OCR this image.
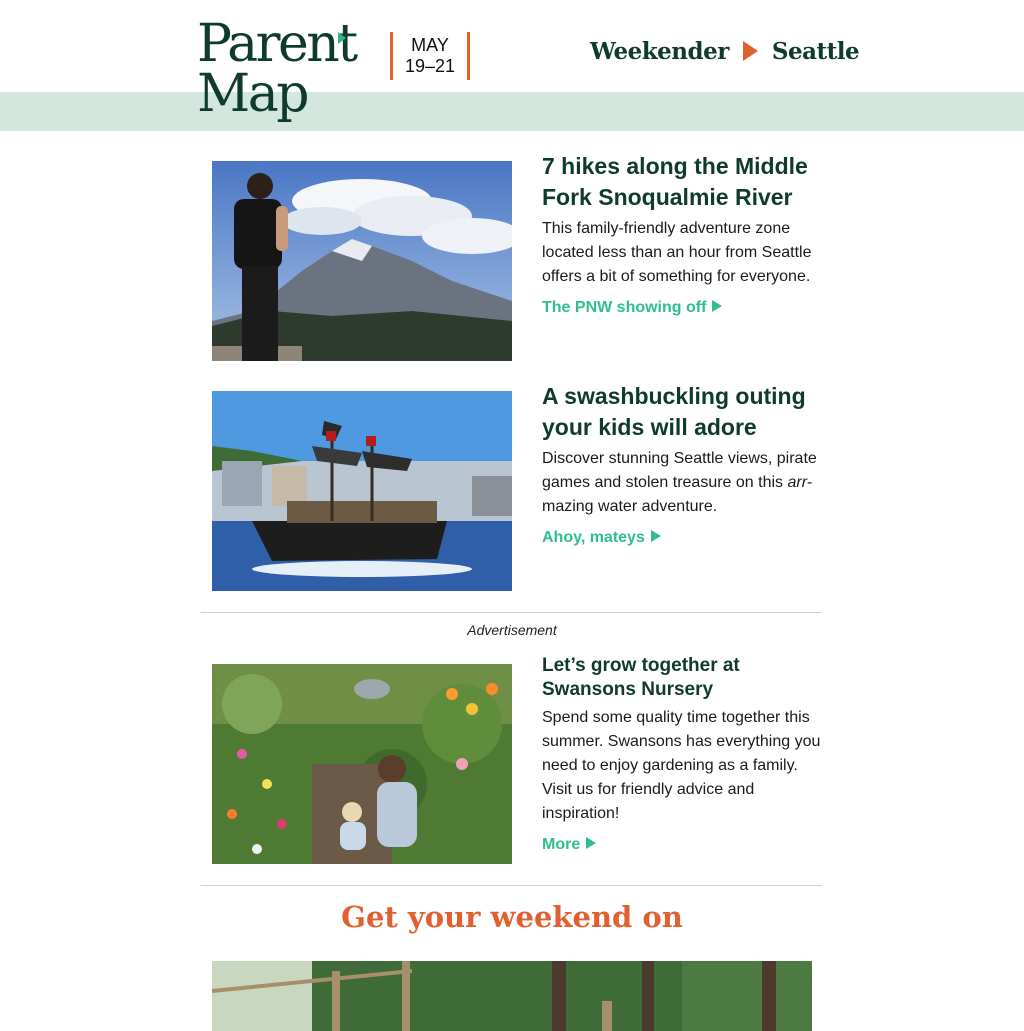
Parent
Map
MAY
19–21
Weekender Seattle
7 hikes along the Middle Fork Snoqualmie River

This family-friendly adventure zone located less than an hour from Seattle offers a bit of something for everyone.

The PNW showing off
A swashbuckling outing your kids will adore

Discover stunning Seattle views, pirate games and stolen treasure on this arr-mazing water adventure.

Ahoy, mateys
Advertisement
Let’s grow together at Swansons Nursery

Spend some quality time together this summer. Swansons has everything you need to enjoy gardening as a family. Visit us for friendly advice and inspiration!

More
Get your weekend on
